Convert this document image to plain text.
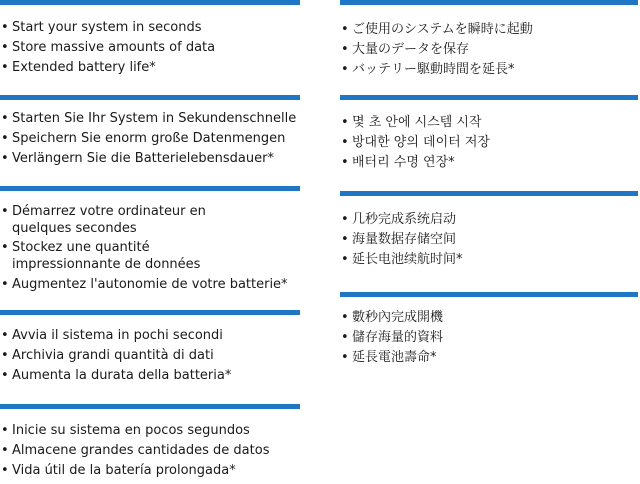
• Start your system in seconds
• Store massive amounts of data
• Extended battery life*
• Starten Sie Ihr System in Sekundenschnelle
• Speichern Sie enorm große Datenmengen
• Verlängern Sie die Batterielebensdauer*
• Démarrez votre ordinateur en quelques secondes
• Stockez une quantité impressionnante de données
• Augmentez l'autonomie de votre batterie*
• Avvia il sistema in pochi secondi
• Archivia grandi quantità di dati
• Aumenta la durata della batteria*
• Inicie su sistema en pocos segundos
• Almacene grandes cantidades de datos
• Vida útil de la batería prolongada*
• ご使用のシステムを瞬時に起動
• 大量のデータを保存
• バッテリー駆動時間を延長*
• 몇 초 안에 시스템 시작
• 방대한 양의 데이터 저장
• 배터리 수명 연장*
• 几秒完成系统启动
• 海量数据存储空间
• 延长电池续航时间*
• 數秒內完成開機
• 儲存海量的資料
• 延長電池壽命*
